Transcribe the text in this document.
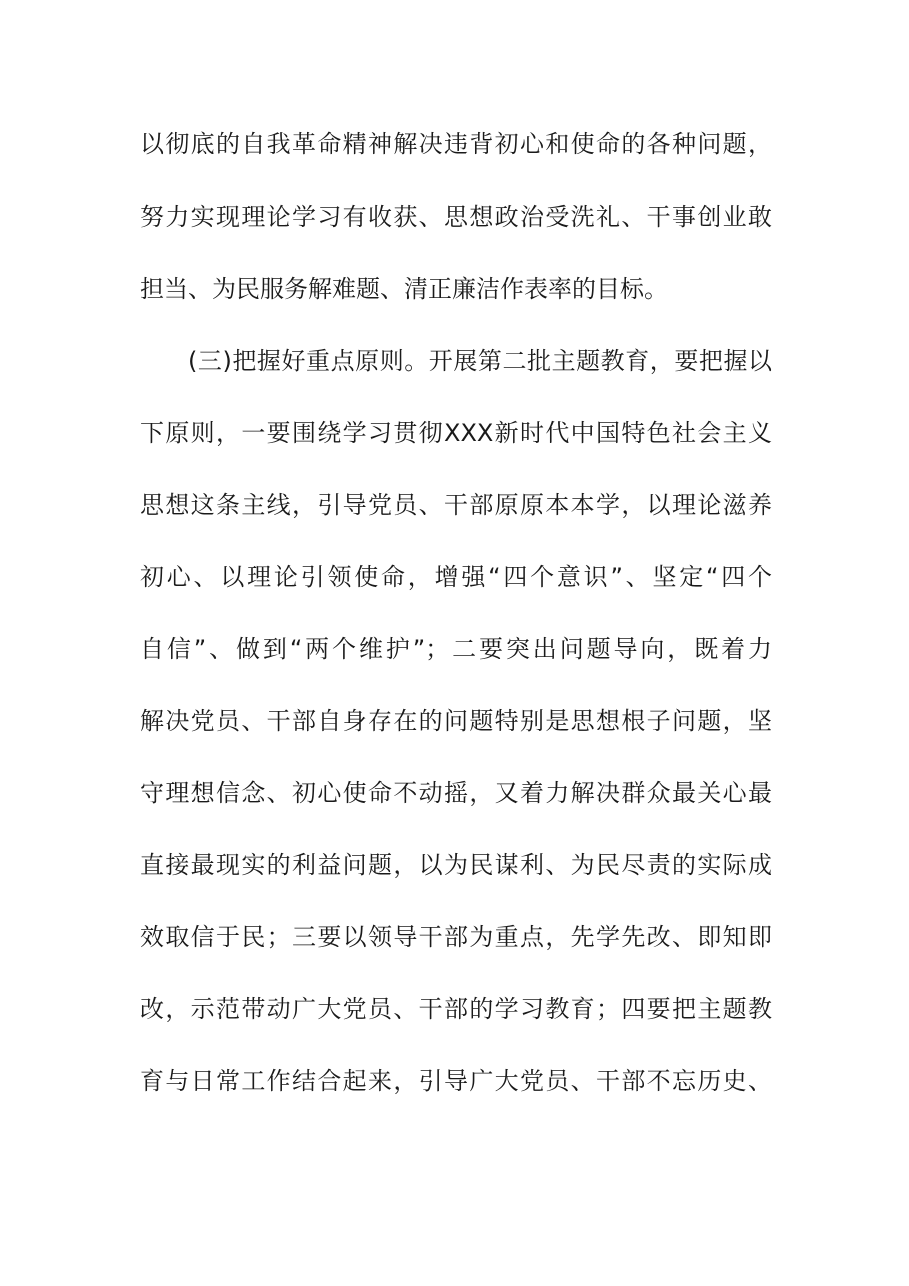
以彻底的自我革命精神解决违背初心和使命的各种问题，
努力实现理论学习有收获、思想政治受洗礼、干事创业敢
担当、为民服务解难题、清正廉洁作表率的目标。
(三)把握好重点原则。开展第二批主题教育，要把握以
下原则，一要围绕学习贯彻XXX新时代中国特色社会主义
思想这条主线，引导党员、干部原原本本学，以理论滋养
初心、以理论引领使命，增强“四个意识”、坚定“四个
自信”、做到“两个维护”；二要突出问题导向，既着力
解决党员、干部自身存在的问题特别是思想根子问题，坚
守理想信念、初心使命不动摇，又着力解决群众最关心最
直接最现实的利益问题，以为民谋利、为民尽责的实际成
效取信于民；三要以领导干部为重点，先学先改、即知即
改，示范带动广大党员、干部的学习教育；四要把主题教
育与日常工作结合起来，引导广大党员、干部不忘历史、
